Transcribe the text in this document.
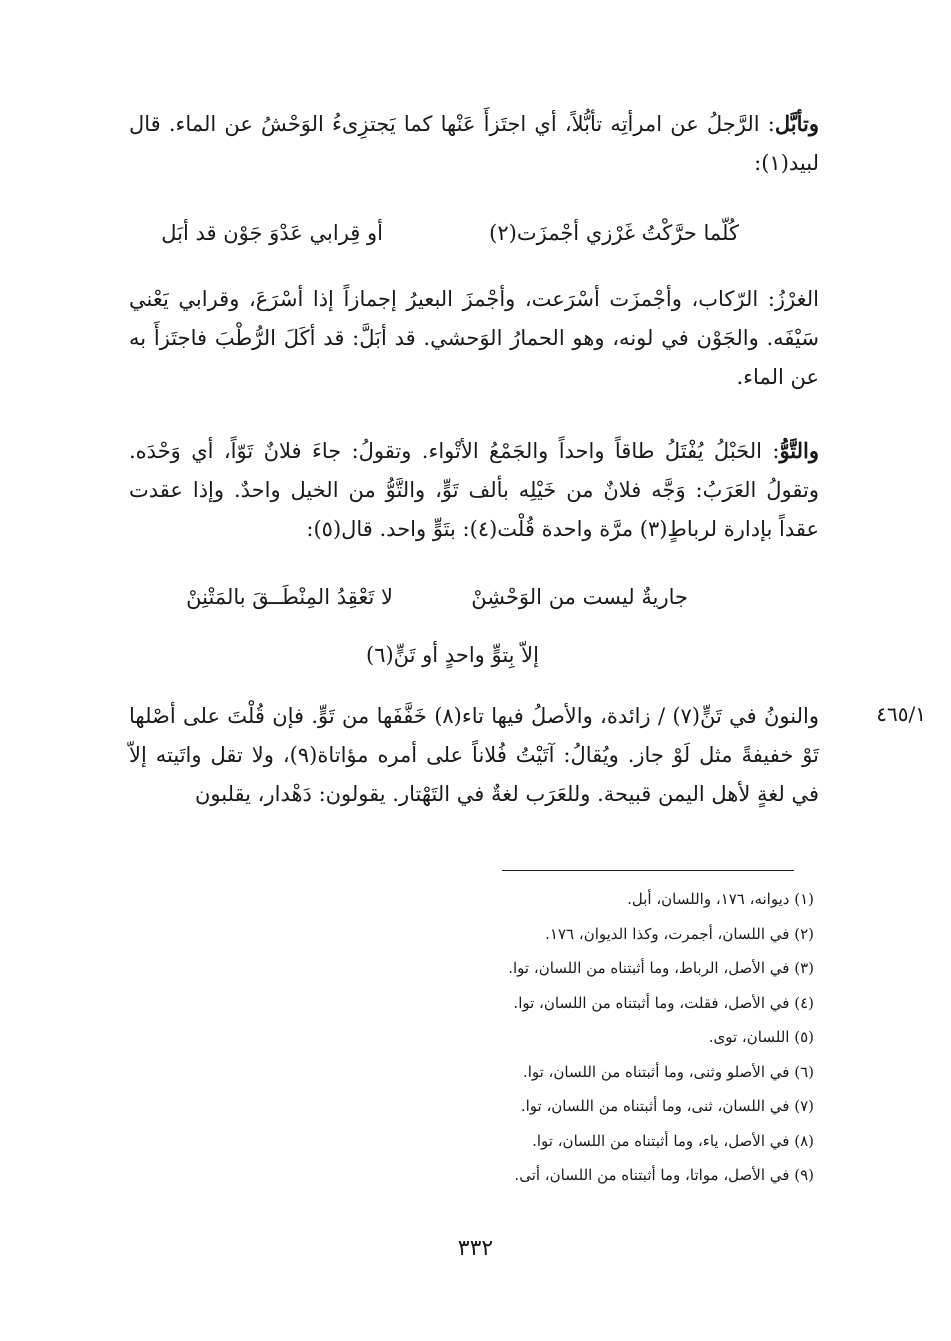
وتأبَّل: الرَّجلُ عن امرأتِه تأبُّلاً، أي اجتَزأَ عَنْها كما يَجتزِىءُ الوَحْشُ عن الماء. قال لبيد(١):
كُلّما حرَّكْتُ غَرْزي أجْمزَت(٢)
أو قِرابي عَدْوَ جَوْن قد أبَل
الغرْزُ: الرّكاب، وأجْمزَت أسْرَعت، وأجْمزَ البعيرُ إجمازاً إذا أسْرَعَ، وقرابي يَعْني سَيْفَه. والجَوْن في لونه، وهو الحمارُ الوَحشي. قد أبَلَّ: قد أكَلَ الرُّطْبَ فاجتَزأَ به عن الماء.
والتَّوُّ: الحَبْلُ يُفْتَلُ طاقاً واحداً والجَمْعُ الأتْواء. وتقولُ: جاءَ فلانٌ تَوّاً، أي وَحْدَه. وتقولُ العَرَبُ: وَجَّه فلانٌ من خَيْلِه بألف تَوٍّ، والتَّوُّ من الخيل واحدٌ. وإذا عقدت عقداً بإدارة لرباطٍ(٣) مرَّة واحدة قُلْت(٤): بتَوٍّ واحد. قال(٥):
جاريةٌ ليست من الوَحْشِنْ
لا تَعْقِدُ المِنْطَــقَ بالمَتْنِنْ
إلاّ بِتوٍّ واحدٍ أو تَنٍّ(٦)
٤٦٥/١
والنونُ في تَنٍّ(٧) / زائدة، والأصلُ فيها تاء(٨) خَفَّفَها من تَوٍّ. فإن قُلْتَ على أصْلها تَوْ خفيفةً مثل لَوْ جاز. ويُقالُ: آتَيْتُ فُلاناً على أمره مؤاتاة(٩)، ولا تقل واتَيته إلاّ في لغةٍ لأهل اليمن قبيحة. وللعَرَب لغةٌ في التَهْتار. يقولون: دَهْدار، يقلبون
(١) ديوانه، ١٧٦، واللسان، أبل.
(٢) في اللسان، أجمرت، وكذا الديوان، ١٧٦.
(٣) في الأصل، الرباط، وما أثبتناه من اللسان، توا.
(٤) في الأصل، فقلت، وما أثبتناه من اللسان، توا.
(٥) اللسان، توى.
(٦) في الأصلو وثنى، وما أثبتناه من اللسان، توا.
(٧) في اللسان، ثنى، وما أثبتناه من اللسان، توا.
(٨) في الأصل، ياء، وما أثبتناه من اللسان، توا.
(٩) في الأصل، مواتا، وما أثبتناه من اللسان، أتى.
٣٣٢
